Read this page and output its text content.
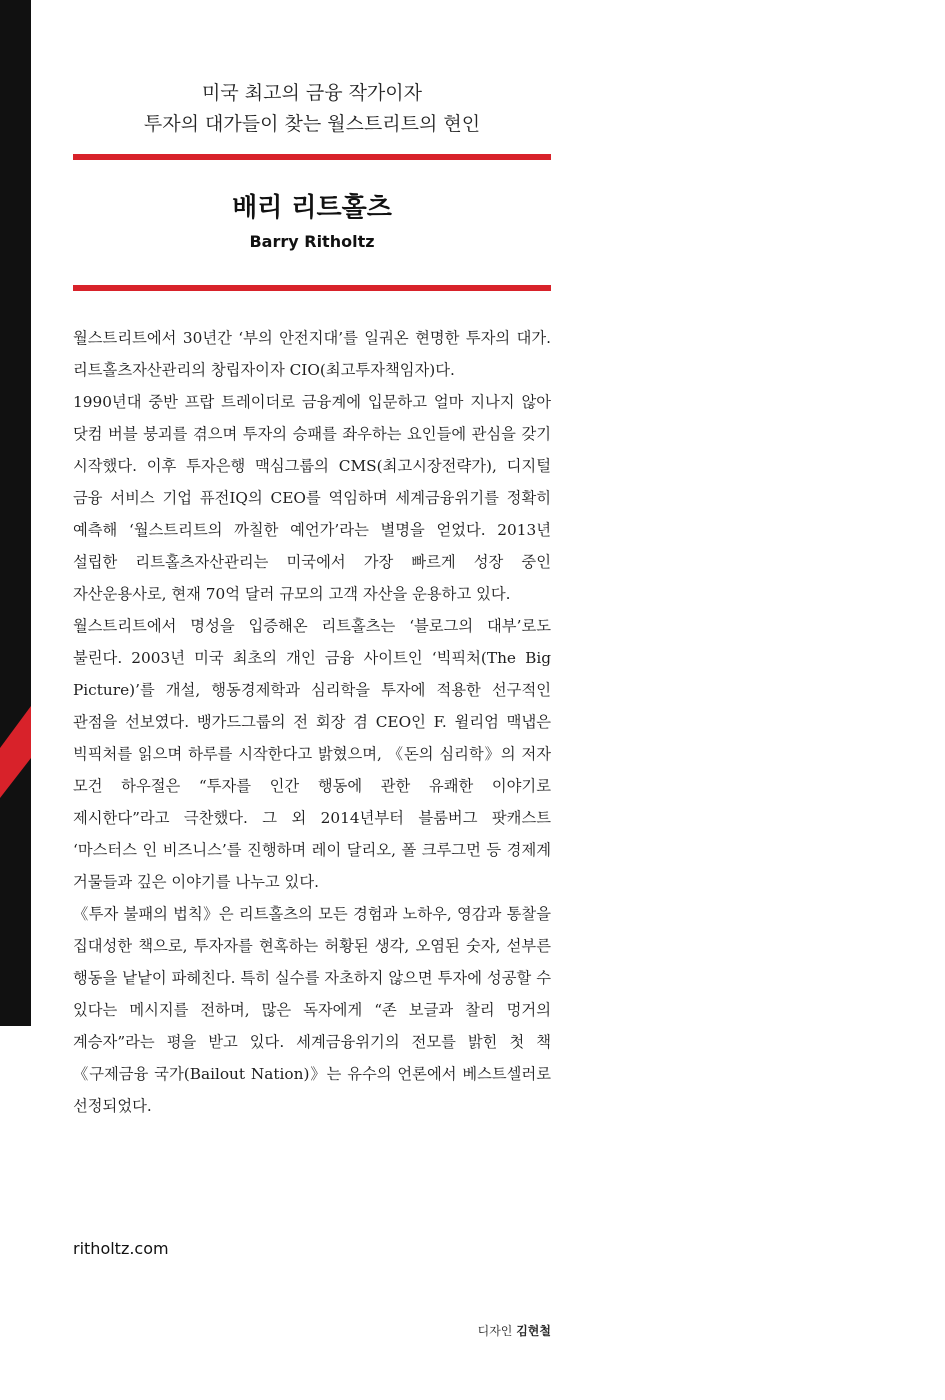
미국 최고의 금융 작가이자
투자의 대가들이 찾는 월스트리트의 현인
배리 리트홀츠
Barry Ritholtz

월스트리트에서 30년간 ‘부의 안전지대’를 일궈온 현명한 투자의 대가. 리트홀츠자산관리의 창립자이자 CIO(최고투자책임자)다.

1990년대 중반 프랍 트레이더로 금융계에 입문하고 얼마 지나지 않아 닷컴 버블 붕괴를 겪으며 투자의 승패를 좌우하는 요인들에 관심을 갖기 시작했다. 이후 투자은행 맥심그룹의 CMS(최고시장전략가), 디지털 금융 서비스 기업 퓨전IQ의 CEO를 역임하며 세계금융위기를 정확히 예측해 ‘월스트리트의 까칠한 예언가’라는 별명을 얻었다. 2013년 설립한 리트홀츠자산관리는 미국에서 가장 빠르게 성장 중인 자산운용사로, 현재 70억 달러 규모의 고객 자산을 운용하고 있다.

월스트리트에서 명성을 입증해온 리트홀츠는 ‘블로그의 대부’로도 불린다. 2003년 미국 최초의 개인 금융 사이트인 ‘빅픽처(The Big Picture)’를 개설, 행동경제학과 심리학을 투자에 적용한 선구적인 관점을 선보였다. 뱅가드그룹의 전 회장 겸 CEO인 F. 윌리엄 맥냅은 빅픽처를 읽으며 하루를 시작한다고 밝혔으며, 《돈의 심리학》의 저자 모건 하우절은 “투자를 인간 행동에 관한 유쾌한 이야기로 제시한다”라고 극찬했다. 그 외 2014년부터 블룸버그 팟캐스트 ‘마스터스 인 비즈니스’를 진행하며 레이 달리오, 폴 크루그먼 등 경제계 거물들과 깊은 이야기를 나누고 있다.

《투자 불패의 법칙》은 리트홀츠의 모든 경험과 노하우, 영감과 통찰을 집대성한 책으로, 투자자를 현혹하는 허황된 생각, 오염된 숫자, 섣부른 행동을 낱낱이 파헤친다. 특히 실수를 자초하지 않으면 투자에 성공할 수 있다는 메시지를 전하며, 많은 독자에게 “존 보글과 찰리 멍거의 계승자”라는 평을 받고 있다. 세계금융위기의 전모를 밝힌 첫 책 《구제금융 국가(Bailout Nation)》는 유수의 언론에서 베스트셀러로 선정되었다.

ritholtz.com
디자인 김현철
